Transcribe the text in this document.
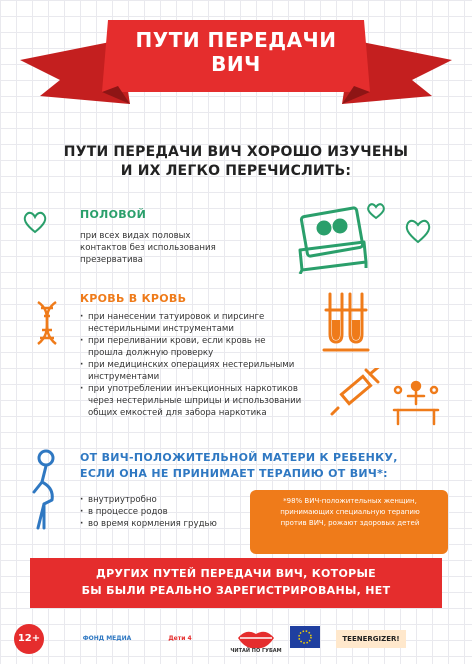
ПУТИ ПЕРЕДАЧИ
ВИЧ
ПУТИ ПЕРЕДАЧИ ВИЧ ХОРОШО ИЗУЧЕНЫ
И ИХ ЛЕГКО ПЕРЕЧИСЛИТЬ:
ПОЛОВОЙ
при всех видах половых
контактов без использования
презерватива
КРОВЬ В КРОВЬ
· при нанесении татуировок и пирсинге
нестерильными инструментами
· при переливании крови, если кровь не
прошла должную проверку
· при медицинских операциях нестерильными
инструментами
· при употреблении инъекционных наркотиков
через нестерильные шприцы и использовании
общих емкостей для забора наркотика
ОТ ВИЧ-ПОЛОЖИТЕЛЬНОЙ МАТЕРИ К РЕБЕНКУ,
ЕСЛИ ОНА НЕ ПРИНИМАЕТ ТЕРАПИЮ ОТ ВИЧ*:
· внутриутробно
· в процессе родов
· во время кормления грудью
*98% ВИЧ-положительных женщин,
принимающих специальную терапию
против ВИЧ, рожают здоровых детей
ДРУГИХ ПУТЕЙ ПЕРЕДАЧИ ВИЧ, КОТОРЫЕ
БЫ БЫЛИ РЕАЛЬНО ЗАРЕГИСТРИРОВАНЫ, НЕТ
12+	ФОНД МЕДИА	Дети 4
ЧИТАЙ ПО ГУБАМ
TEENERGIZER!
